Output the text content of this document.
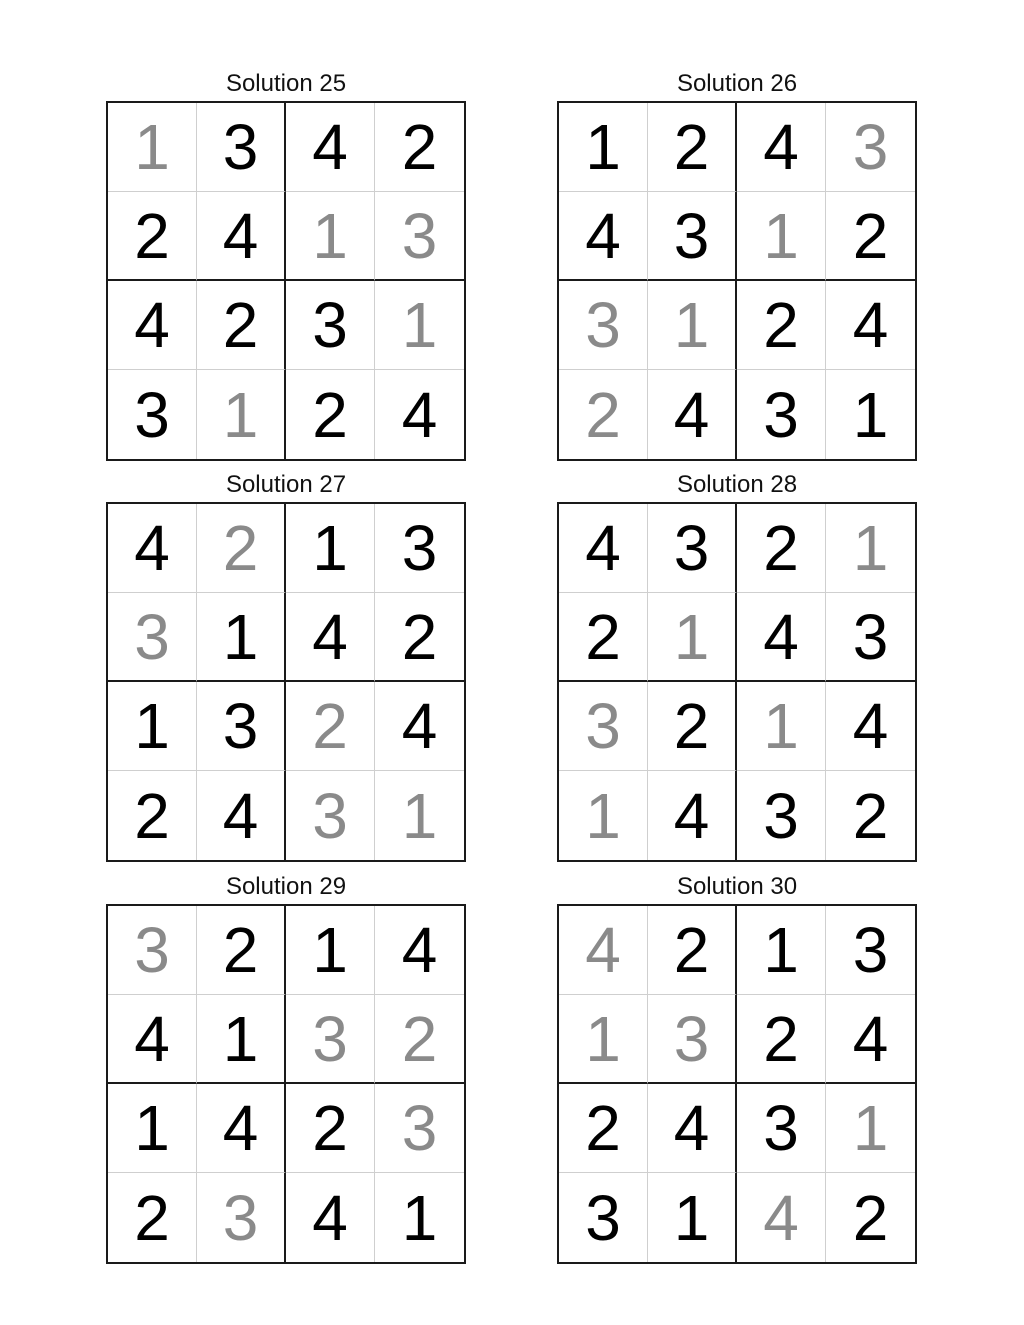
Solution 25
1 3 4 2
2 4 1 3
4 2 3 1
3 1 2 4
Solution 26
1 2 4 3
4 3 1 2
3 1 2 4
2 4 3 1
Solution 27
4 2 1 3
3 1 4 2
1 3 2 4
2 4 3 1
Solution 28
4 3 2 1
2 1 4 3
3 2 1 4
1 4 3 2
Solution 29
3 2 1 4
4 1 3 2
1 4 2 3
2 3 4 1
Solution 30
4 2 1 3
1 3 2 4
2 4 3 1
3 1 4 2
